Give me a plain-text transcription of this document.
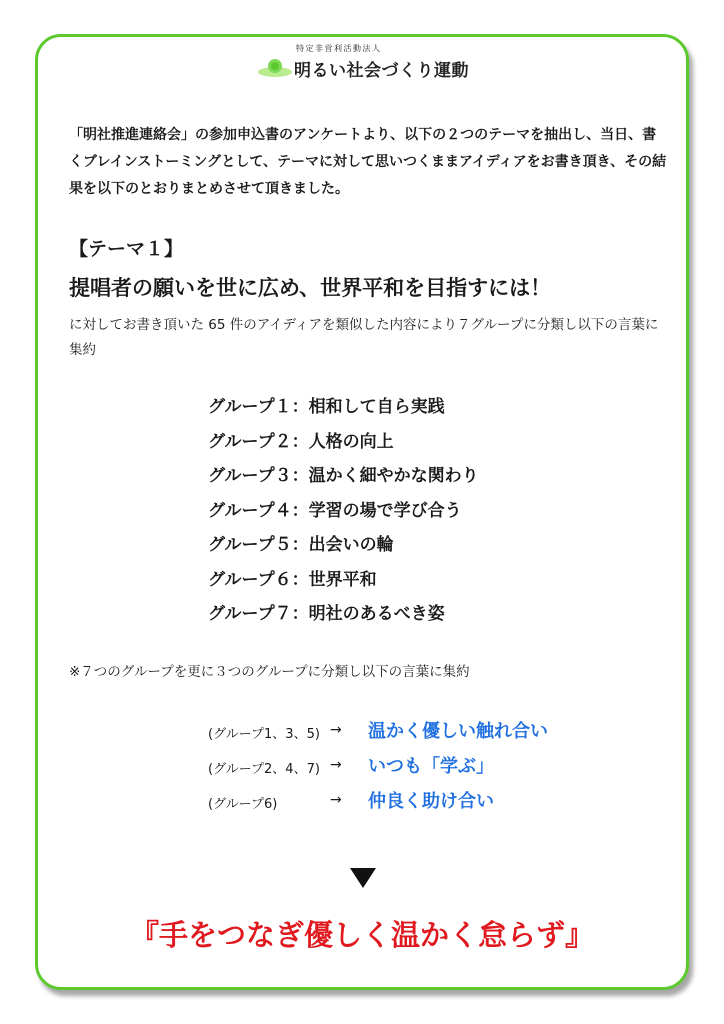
特定非営利活動法人
明るい社会づくり運動
「明社推進連絡会」の参加申込書のアンケートより、以下の２つのテーマを抽出し、当日、書くブレインストーミングとして、テーマに対して思いつくままアイディアをお書き頂き、その結果を以下のとおりまとめさせて頂きました。
【テーマ１】
提唱者の願いを世に広め、世界平和を目指すには！
に対してお書き頂いた 65 件のアイディアを類似した内容により７グループに分類し以下の言葉に集約
グループ１：相和して自ら実践
グループ２：人格の向上
グループ３：温かく細やかな関わり
グループ４：学習の場で学び合う
グループ５：出会いの輪
グループ６：世界平和
グループ７：明社のあるべき姿
※７つのグループを更に３つのグループに分類し以下の言葉に集約
(グループ1、3、5) → 温かく優しい触れ合い
(グループ2、4、7) → いつも「学ぶ」
(グループ6)	→ 仲良く助け合い
『手をつなぎ優しく温かく怠らず』
